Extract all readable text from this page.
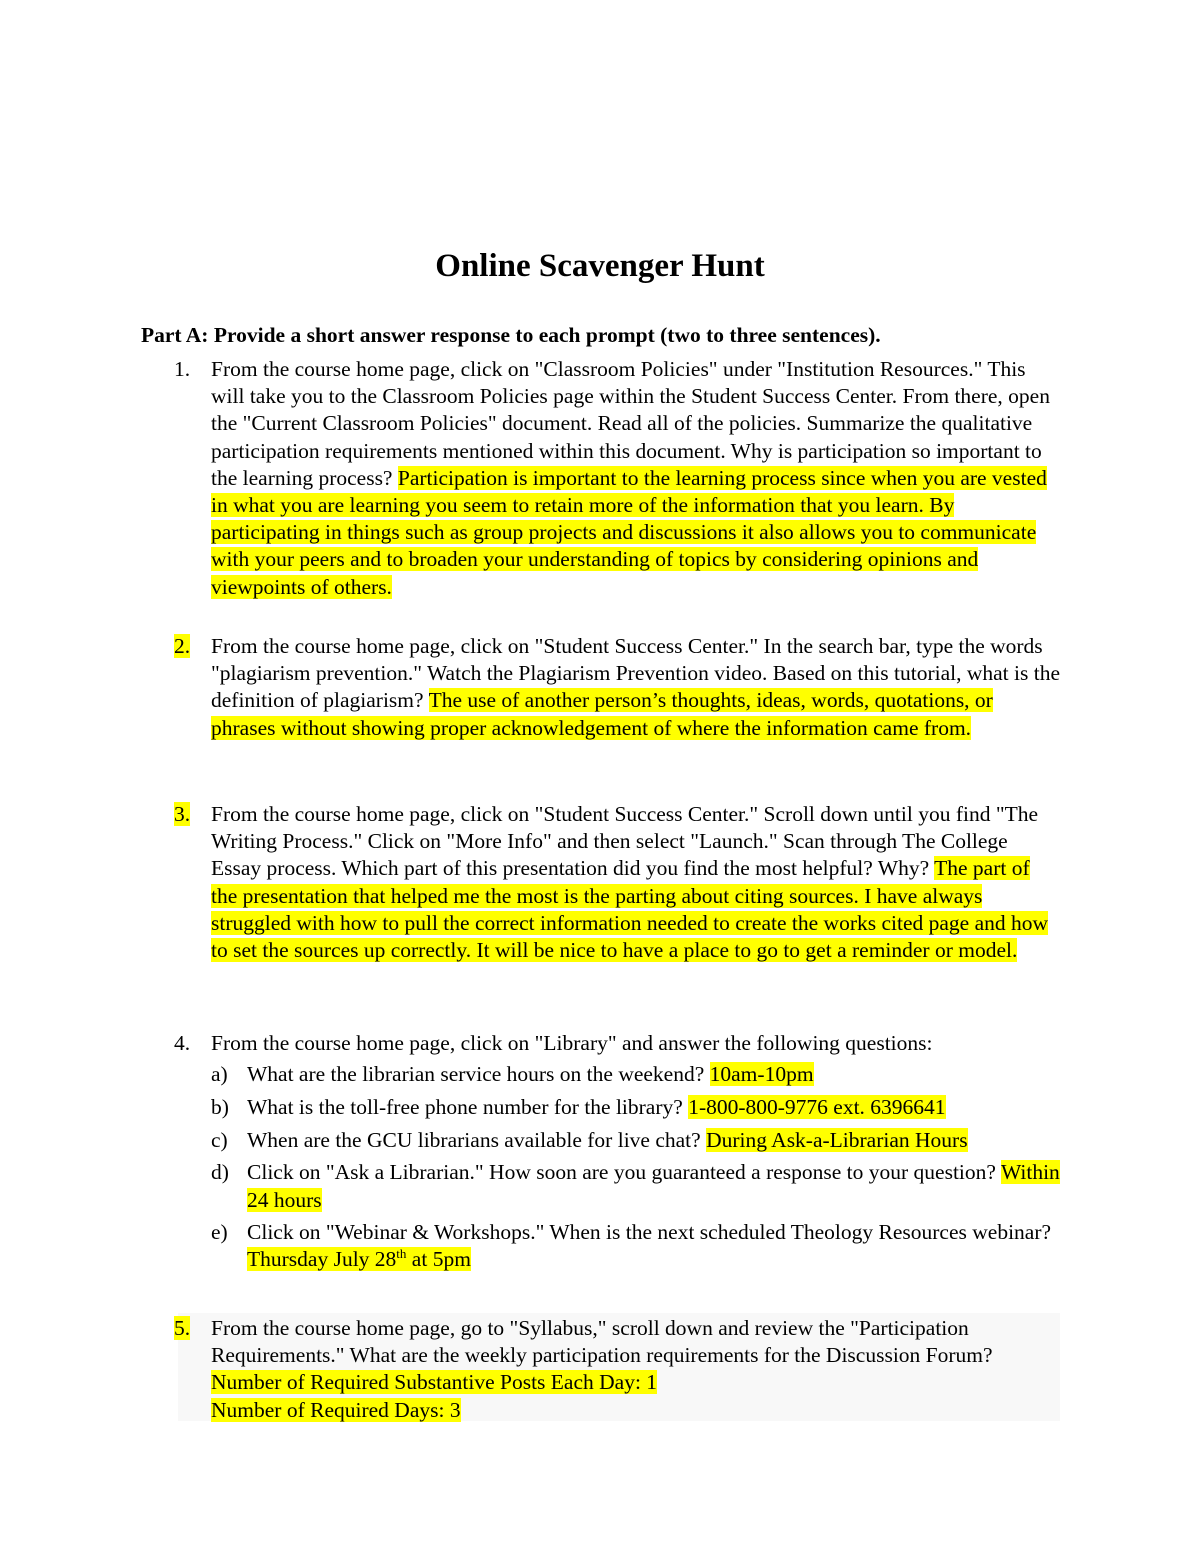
Online Scavenger Hunt

Part A: Provide a short answer response to each prompt (two to three sentences).

1. From the course home page, click on "Classroom Policies" under "Institution Resources." This will take you to the Classroom Policies page within the Student Success Center. From there, open the "Current Classroom Policies" document. Read all of the policies. Summarize the qualitative participation requirements mentioned within this document. Why is participation so important to the learning process? Participation is important to the learning process since when you are vested in what you are learning you seem to retain more of the information that you learn. By participating in things such as group projects and discussions it also allows you to communicate with your peers and to broaden your understanding of topics by considering opinions and viewpoints of others.
2. From the course home page, click on "Student Success Center." In the search bar, type the words "plagiarism prevention." Watch the Plagiarism Prevention video. Based on this tutorial, what is the definition of plagiarism? The use of another person’s thoughts, ideas, words, quotations, or phrases without showing proper acknowledgement of where the information came from.
3. From the course home page, click on "Student Success Center." Scroll down until you find "The Writing Process." Click on "More Info" and then select "Launch." Scan through The College Essay process. Which part of this presentation did you find the most helpful? Why? The part of the presentation that helped me the most is the parting about citing sources. I have always struggled with how to pull the correct information needed to create the works cited page and how to set the sources up correctly. It will be nice to have a place to go to get a reminder or model.
4. From the course home page, click on "Library" and answer the following questions:
a) What are the librarian service hours on the weekend? 10am-10pm
b) What is the toll-free phone number for the library? 1-800-800-9776 ext. 6396641
c) When are the GCU librarians available for live chat? During Ask-a-Librarian Hours
d) Click on "Ask a Librarian." How soon are you guaranteed a response to your question? Within 24 hours
e) Click on "Webinar & Workshops." When is the next scheduled Theology Resources webinar? Thursday July 28th at 5pm
5. From the course home page, go to "Syllabus," scroll down and review the "Participation Requirements." What are the weekly participation requirements for the Discussion Forum? Number of Required Substantive Posts Each Day: 1
Number of Required Days: 3
